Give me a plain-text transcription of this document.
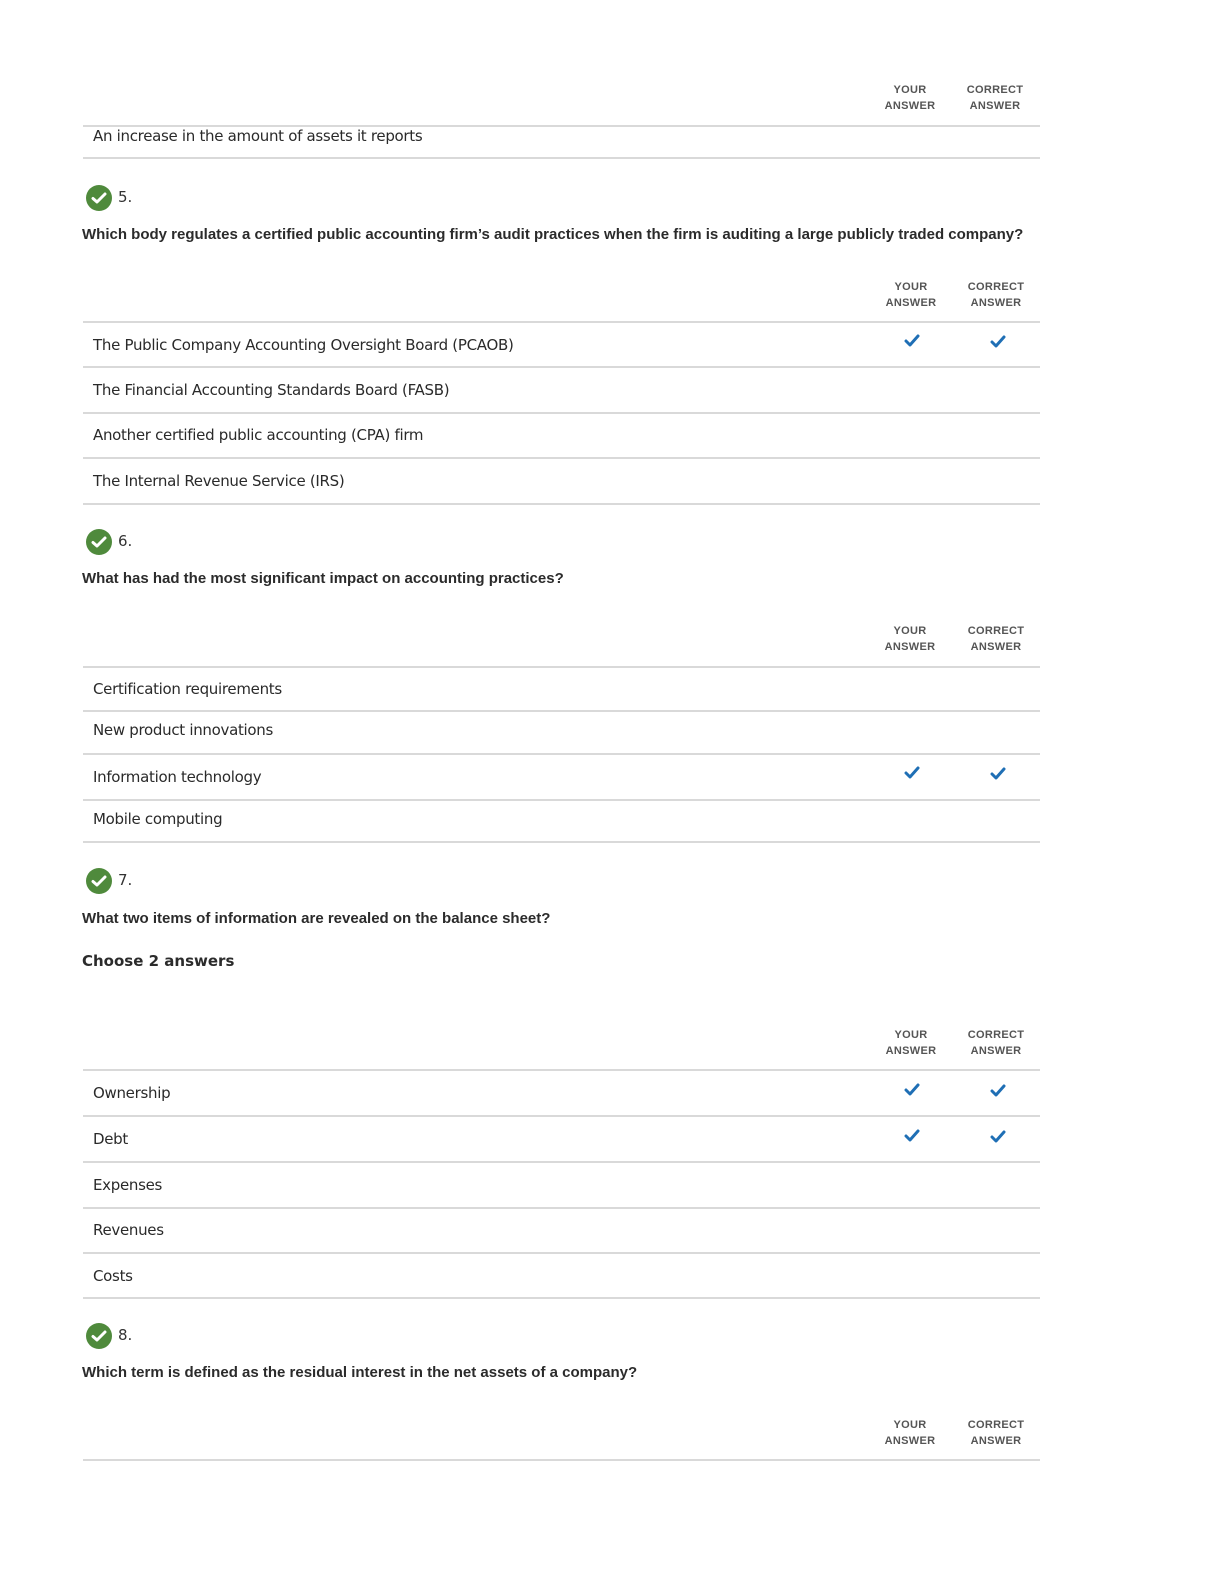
YOUR
ANSWER
CORRECT
ANSWER
An increase in the amount of assets it reports
5.
Which body regulates a certified public accounting firm’s audit practices when the firm is auditing a large publicly traded company?
YOUR
ANSWER
CORRECT
ANSWER
The Public Company Accounting Oversight Board (PCAOB)
The Financial Accounting Standards Board (FASB)
Another certified public accounting (CPA) firm
The Internal Revenue Service (IRS)
6.
What has had the most significant impact on accounting practices?
YOUR
ANSWER
CORRECT
ANSWER
Certification requirements
New product innovations
Information technology
Mobile computing
7.
What two items of information are revealed on the balance sheet?
Choose 2 answers
YOUR
ANSWER
CORRECT
ANSWER
Ownership
Debt
Expenses
Revenues
Costs
8.
Which term is defined as the residual interest in the net assets of a company?
YOUR
ANSWER
CORRECT
ANSWER
